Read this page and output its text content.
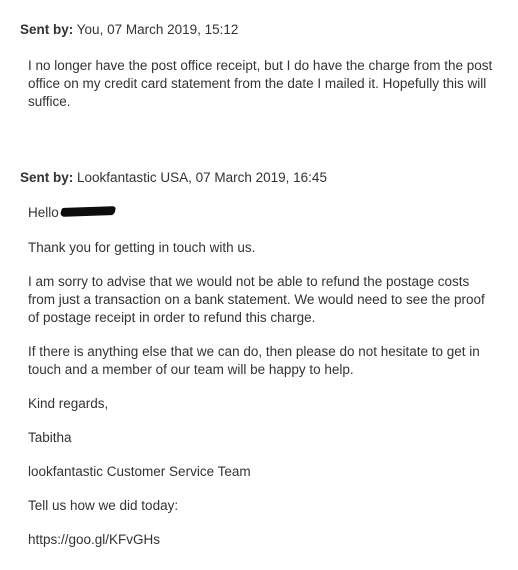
Sent by: You, 07 March 2019, 15:12

I no longer have the post office receipt, but I do have the charge from the post office on my credit card statement from the date I mailed it. Hopefully this will suffice.

Sent by: Lookfantastic USA, 07 March 2019, 16:45

Hello

Thank you for getting in touch with us.

I am sorry to advise that we would not be able to refund the postage costs from just a transaction on a bank statement. We would need to see the proof of postage receipt in order to refund this charge.

If there is anything else that we can do, then please do not hesitate to get in touch and a member of our team will be happy to help.

Kind regards,

Tabitha

lookfantastic Customer Service Team

Tell us how we did today:

https://goo.gl/KFvGHs
